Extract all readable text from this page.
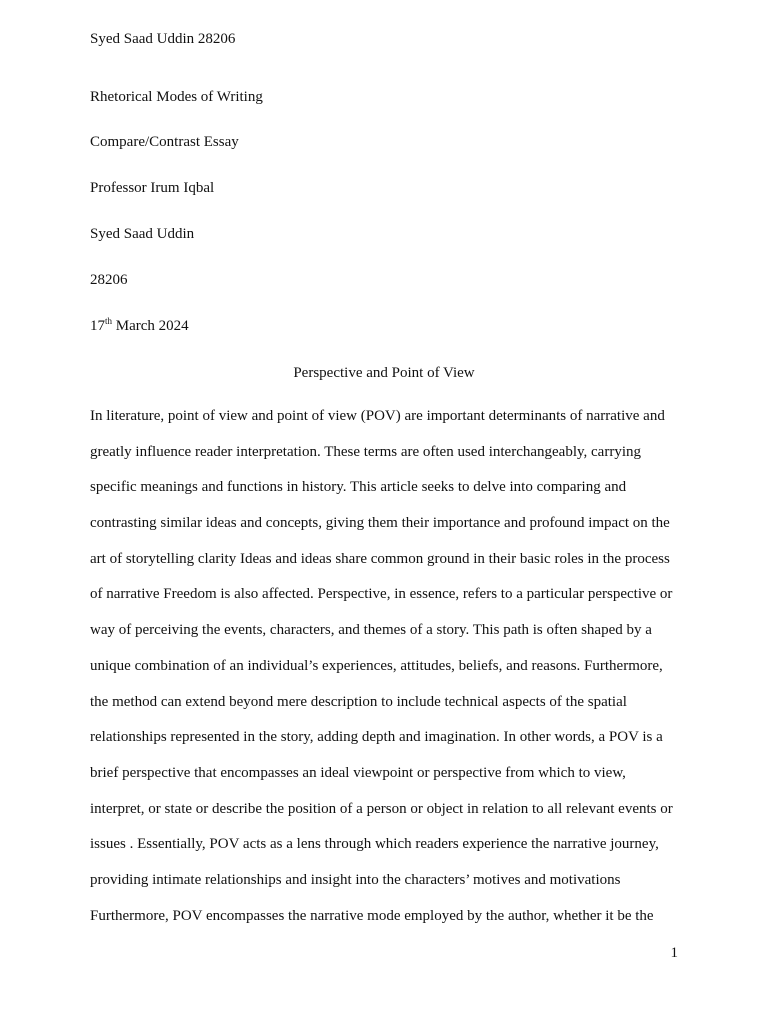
Syed Saad Uddin 28206
Rhetorical Modes of Writing
Compare/Contrast Essay
Professor Irum Iqbal
Syed Saad Uddin
28206
17th March 2024
Perspective and Point of View
In literature, point of view and point of view (POV) are important determinants of narrative and
greatly influence reader interpretation. These terms are often used interchangeably, carrying
specific meanings and functions in history. This article seeks to delve into comparing and
contrasting similar ideas and concepts, giving them their importance and profound impact on the
art of storytelling clarity Ideas and ideas share common ground in their basic roles in the process
of narrative Freedom is also affected. Perspective, in essence, refers to a particular perspective or
way of perceiving the events, characters, and themes of a story. This path is often shaped by a
unique combination of an individual’s experiences, attitudes, beliefs, and reasons. Furthermore,
the method can extend beyond mere description to include technical aspects of the spatial
relationships represented in the story, adding depth and imagination. In other words, a POV is a
brief perspective that encompasses an ideal viewpoint or perspective from which to view,
interpret, or state or describe the position of a person or object in relation to all relevant events or
issues . Essentially, POV acts as a lens through which readers experience the narrative journey,
providing intimate relationships and insight into the characters’ motives and motivations
Furthermore, POV encompasses the narrative mode employed by the author, whether it be the
1
